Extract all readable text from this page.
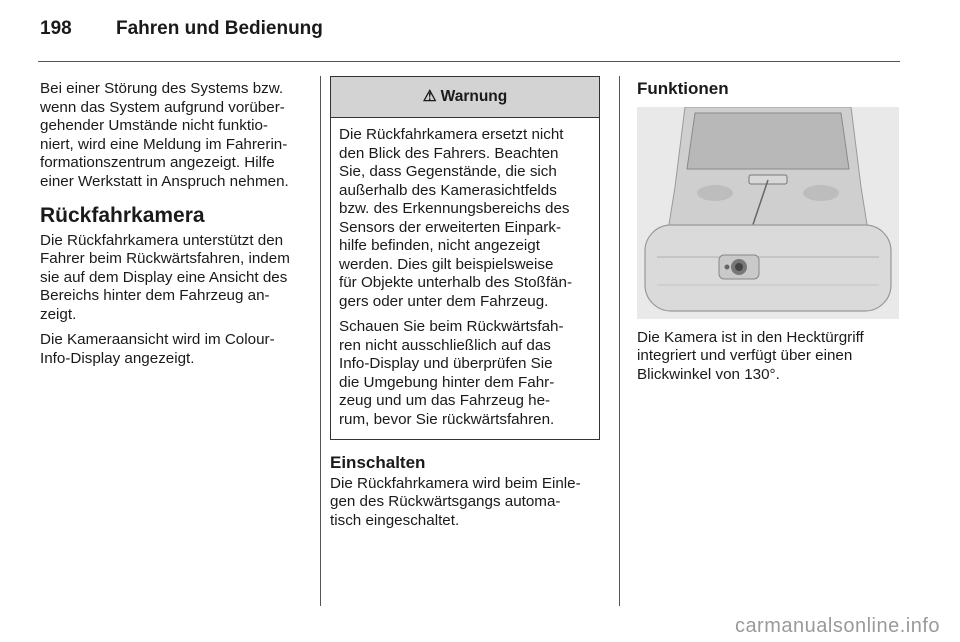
198 Fahren und Bedienung

Bei einer Störung des Systems bzw.
wenn das System aufgrund vorüber-
gehender Umstände nicht funktio-
niert, wird eine Meldung im Fahrerin-
formationszentrum angezeigt. Hilfe
einer Werkstatt in Anspruch nehmen.

Rückfahrkamera

Die Rückfahrkamera unterstützt den
Fahrer beim Rückwärtsfahren, indem
sie auf dem Display eine Ansicht des
Bereichs hinter dem Fahrzeug an-
zeigt.

Die Kameraansicht wird im Colour-
Info-Display angezeigt.

⚠ Warnung

Die Rückfahrkamera ersetzt nicht
den Blick des Fahrers. Beachten
Sie, dass Gegenstände, die sich
außerhalb des Kamerasichtfelds
bzw. des Erkennungsbereichs des
Sensors der erweiterten Einpark-
hilfe befinden, nicht angezeigt
werden. Dies gilt beispielsweise
für Objekte unterhalb des Stoßfän-
gers oder unter dem Fahrzeug.

Schauen Sie beim Rückwärtsfah-
ren nicht ausschließlich auf das
Info-Display und überprüfen Sie
die Umgebung hinter dem Fahr-
zeug und um das Fahrzeug he-
rum, bevor Sie rückwärtsfahren.

Einschalten

Die Rückfahrkamera wird beim Einle-
gen des Rückwärtsgangs automa-
tisch eingeschaltet.

Funktionen

Die Kamera ist in den Hecktürgriff
integriert und verfügt über einen
Blickwinkel von 130°.

carmanualsonline.info
